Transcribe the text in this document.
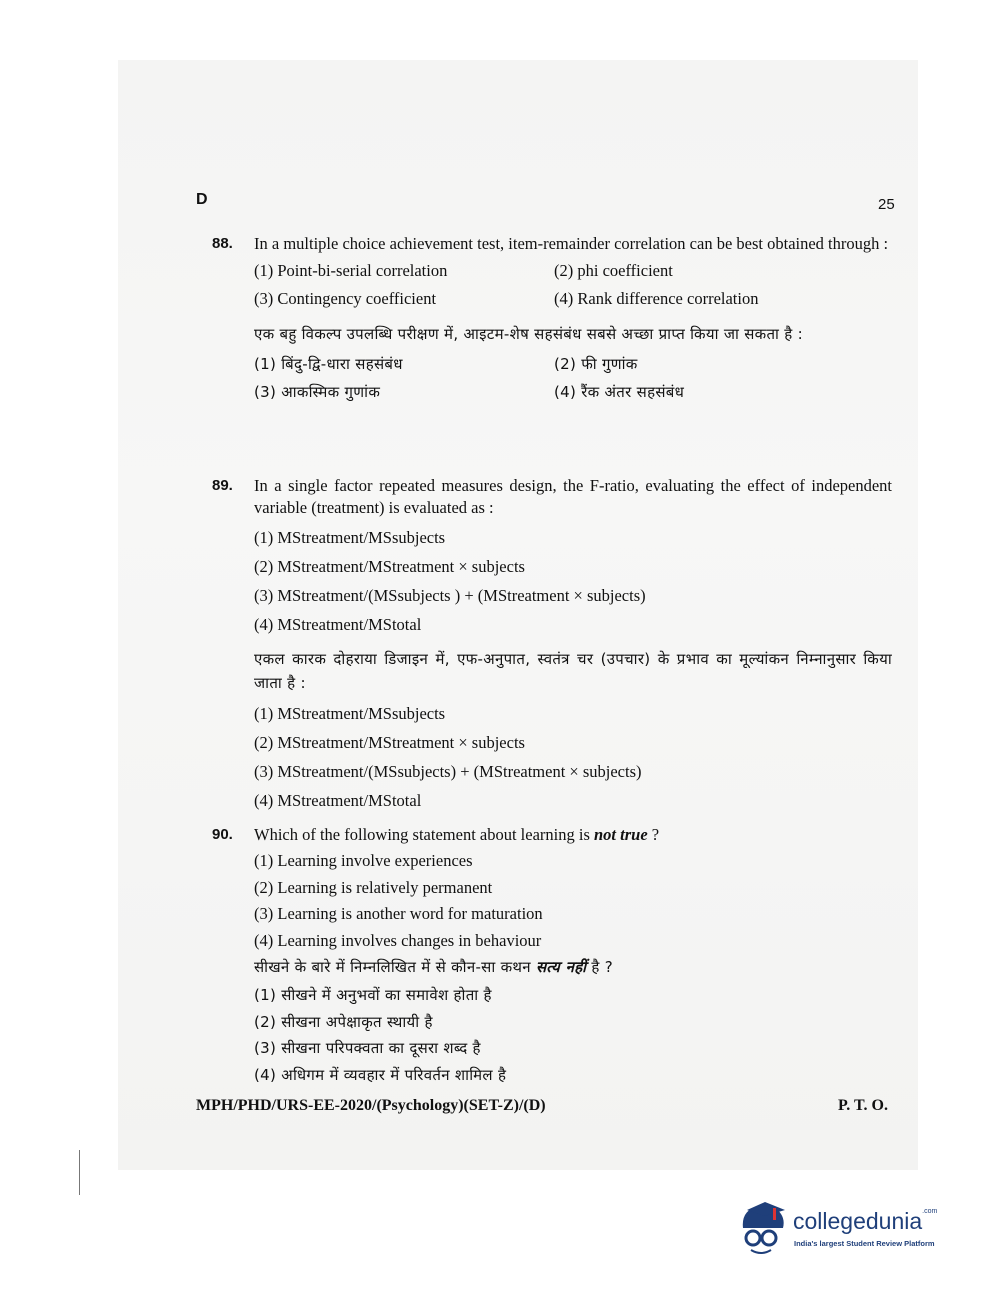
D	25
88. In a multiple choice achievement test, item-remainder correlation can be best obtained through :
(1) Point-bi-serial correlation	(2) phi coefficient
(3) Contingency coefficient	(4) Rank difference correlation
एक बहु विकल्प उपलब्धि परीक्षण में, आइटम-शेष सहसंबंध सबसे अच्छा प्राप्त किया जा सकता है :
(1) बिंदु-द्वि-धारा सहसंबंध	(2) फी गुणांक
(3) आकस्मिक गुणांक	(4) रैंक अंतर सहसंबंध
89. In a single factor repeated measures design, the F-ratio, evaluating the effect of independent variable (treatment) is evaluated as :
(1) MStreatment/MSsubjects
(2) MStreatment/MStreatment × subjects
(3) MStreatment/(MSsubjects ) + (MStreatment × subjects)
(4) MStreatment/MStotal
एकल कारक दोहराया डिजाइन में, एफ-अनुपात, स्वतंत्र चर (उपचार) के प्रभाव का मूल्यांकन निम्नानुसार किया जाता है :
(1) MStreatment/MSsubjects
(2) MStreatment/MStreatment × subjects
(3) MStreatment/(MSsubjects) + (MStreatment × subjects)
(4) MStreatment/MStotal
90. Which of the following statement about learning is not true ?
(1) Learning involve experiences
(2) Learning is relatively permanent
(3) Learning is another word for maturation
(4) Learning involves changes in behaviour
सीखने के बारे में निम्नलिखित में से कौन-सा कथन सत्य नहीं है ?
(1) सीखने में अनुभवों का समावेश होता है
(2) सीखना अपेक्षाकृत स्थायी है
(3) सीखना परिपक्वता का दूसरा शब्द है
(4) अधिगम में व्यवहार में परिवर्तन शामिल है
MPH/PHD/URS-EE-2020/(Psychology)(SET-Z)/(D)	P. T. O.
collegedunia$^{.com}$
India's largest Student Review Platform
